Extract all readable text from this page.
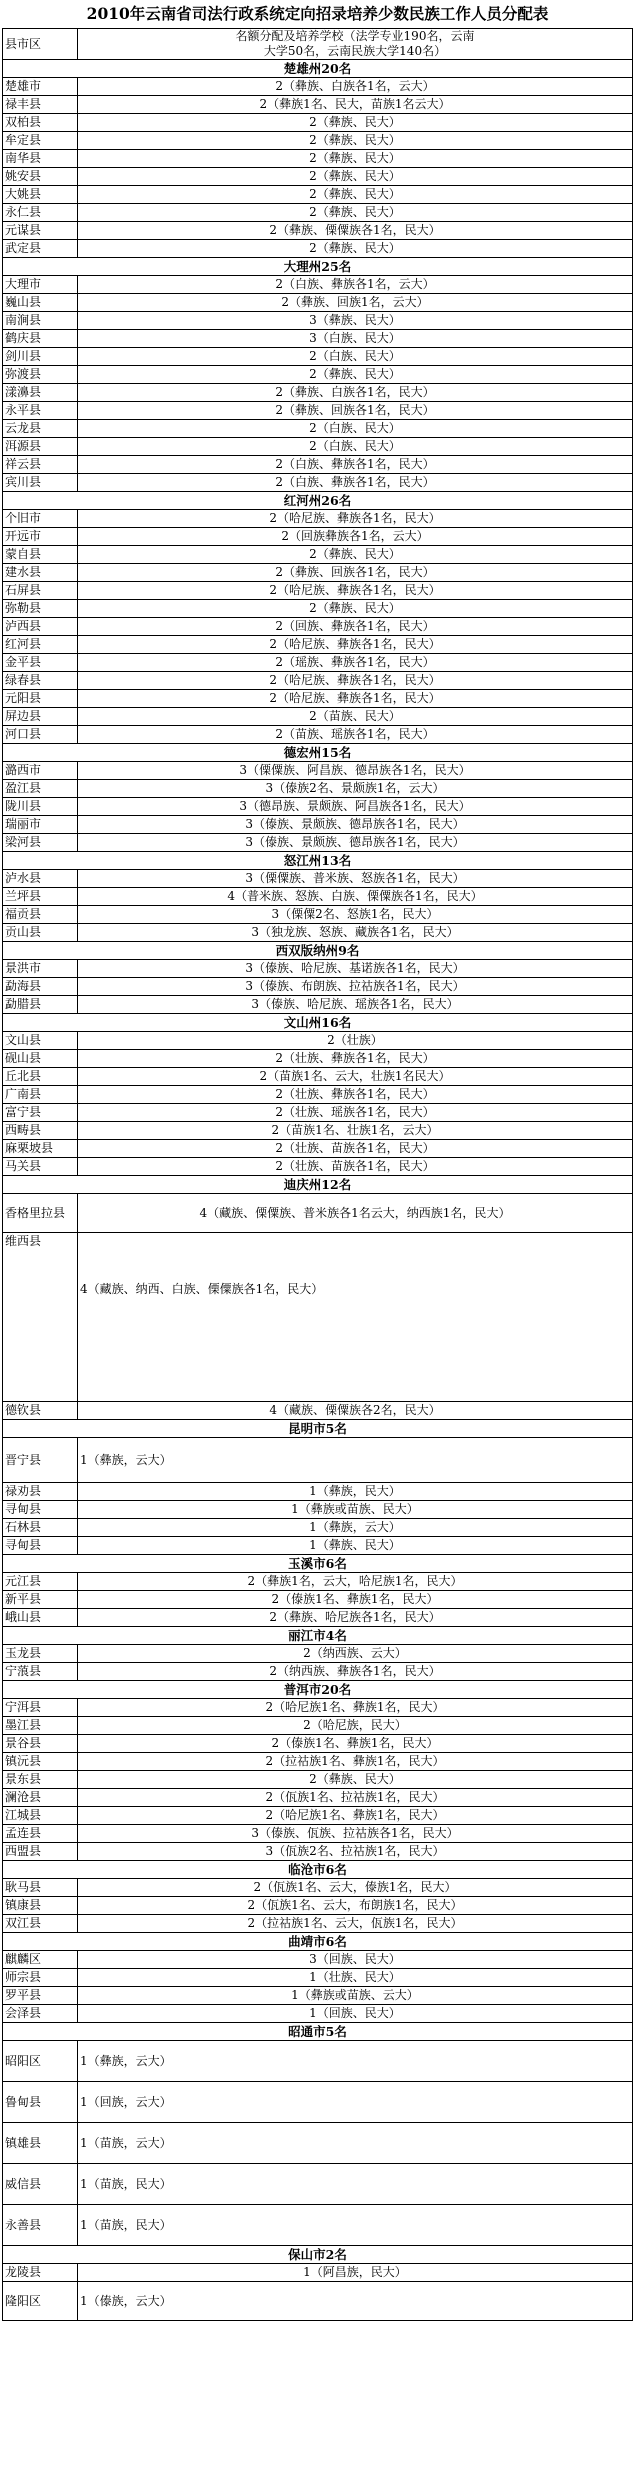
2010年云南省司法行政系统定向招录培养少数民族工作人员分配表
县市区	名额分配及培养学校（法学专业190名，云南
大学50名，云南民族大学140名）

楚雄州20名	
楚雄市	2（彝族、白族各1名，云大）
禄丰县	2（彝族1名、民大，苗族1名云大）
双柏县	2（彝族、民大）
牟定县	2（彝族、民大）
南华县	2（彝族、民大）
姚安县	2（彝族、民大）
大姚县	2（彝族、民大）
永仁县	2（彝族、民大）
元谋县	2（彝族、傈僳族各1名，民大）
武定县	2（彝族、民大）
大理州25名	
大理市	2（白族、彝族各1名，云大）
巍山县	2（彝族、回族1名，云大）
南涧县	3（彝族、民大）
鹤庆县	3（白族、民大）
剑川县	2（白族、民大）
弥渡县	2（彝族、民大）
漾濞县	2（彝族、白族各1名，民大）
永平县	2（彝族、回族各1名，民大）
云龙县	2（白族、民大）
洱源县	2（白族、民大）
祥云县	2（白族、彝族各1名，民大）
宾川县	2（白族、彝族各1名，民大）
红河州26名	
个旧市	2（哈尼族、彝族各1名，民大）
开远市	2（回族彝族各1名，云大）
蒙自县	2（彝族、民大）
建水县	2（彝族、回族各1名，民大）
石屏县	2（哈尼族、彝族各1名，民大）
弥勒县	2（彝族、民大）
泸西县	2（回族、彝族各1名，民大）
红河县	2（哈尼族、彝族各1名，民大）
金平县	2（瑶族、彝族各1名，民大）
绿春县	2（哈尼族、彝族各1名，民大）
元阳县	2（哈尼族、彝族各1名，民大）
屏边县	2（苗族、民大）
河口县	2（苗族、瑶族各1名，民大）
德宏州15名	
潞西市	3（傈僳族、阿昌族、德昂族各1名，民大）
盈江县	3（傣族2名、景颇族1名，云大）
陇川县	3（德昂族、景颇族、阿昌族各1名，民大）
瑞丽市	3（傣族、景颇族、德昂族各1名，民大）
梁河县	3（傣族、景颇族、德昂族各1名，民大）
怒江州13名	
泸水县	3（傈僳族、普米族、怒族各1名，民大）
兰坪县	4（普米族、怒族、白族、傈僳族各1名，民大）
福贡县	3（傈僳2名、怒族1名，民大）
贡山县	3（独龙族、怒族、藏族各1名，民大）
西双版纳州9名	
景洪市	3（傣族、哈尼族、基诺族各1名，民大）
勐海县	3（傣族、布朗族、拉祜族各1名，民大）
勐腊县	3（傣族、哈尼族、瑶族各1名，民大）
文山州16名	
文山县	2（壮族）
砚山县	2（壮族、彝族各1名，民大）
丘北县	2（苗族1名、云大，壮族1名民大）
广南县	2（壮族、彝族各1名，民大）
富宁县	2（壮族、瑶族各1名，民大）
西畴县	2（苗族1名、壮族1名，云大）
麻栗坡县	2（壮族、苗族各1名，民大）
马关县	2（壮族、苗族各1名，民大）
迪庆州12名	
香格里拉县	4（藏族、傈僳族、普米族各1名云大，纳西族1名，民大）
维西县	4（藏族、纳西、白族、傈僳族各1名，民大）
德钦县	4（藏族、傈僳族各2名，民大）
昆明市5名	
晋宁县	1（彝族，云大）
禄劝县	1（彝族，民大）
寻甸县	1（彝族或苗族、民大）
石林县	1（彝族，云大）
寻甸县	1（彝族、民大）
玉溪市6名	
元江县	2（彝族1名，云大，哈尼族1名，民大）
新平县	2（傣族1名、彝族1名，民大）
峨山县	2（彝族、哈尼族各1名，民大）
丽江市4名	
玉龙县	2（纳西族、云大）
宁蒗县	2（纳西族、彝族各1名，民大）
普洱市20名	
宁洱县	2（哈尼族1名、彝族1名，民大）
墨江县	2（哈尼族，民大）
景谷县	2（傣族1名、彝族1名，民大）
镇沅县	2（拉祜族1名、彝族1名，民大）
景东县	2（彝族、民大）
澜沧县	2（佤族1名、拉祜族1名，民大）
江城县	2（哈尼族1名、彝族1名，民大）
孟连县	3（傣族、佤族、拉祜族各1名，民大）
西盟县	3（佤族2名、拉祜族1名，民大）
临沧市6名	
耿马县	2（佤族1名、云大，傣族1名，民大）
镇康县	2（佤族1名、云大，布朗族1名，民大）
双江县	2（拉祜族1名、云大，佤族1名，民大）
曲靖市6名	
麒麟区	3（回族、民大）
师宗县	1（壮族、民大）
罗平县	1（彝族或苗族、云大）
会泽县	1（回族、民大）
昭通市5名	
昭阳区	1（彝族，云大）
鲁甸县	1（回族，云大）
镇雄县	1（苗族，云大）
威信县	1（苗族，民大）
永善县	1（苗族，民大）
保山市2名	
龙陵县	1（阿昌族，民大）
隆阳区	1（傣族，云大）
